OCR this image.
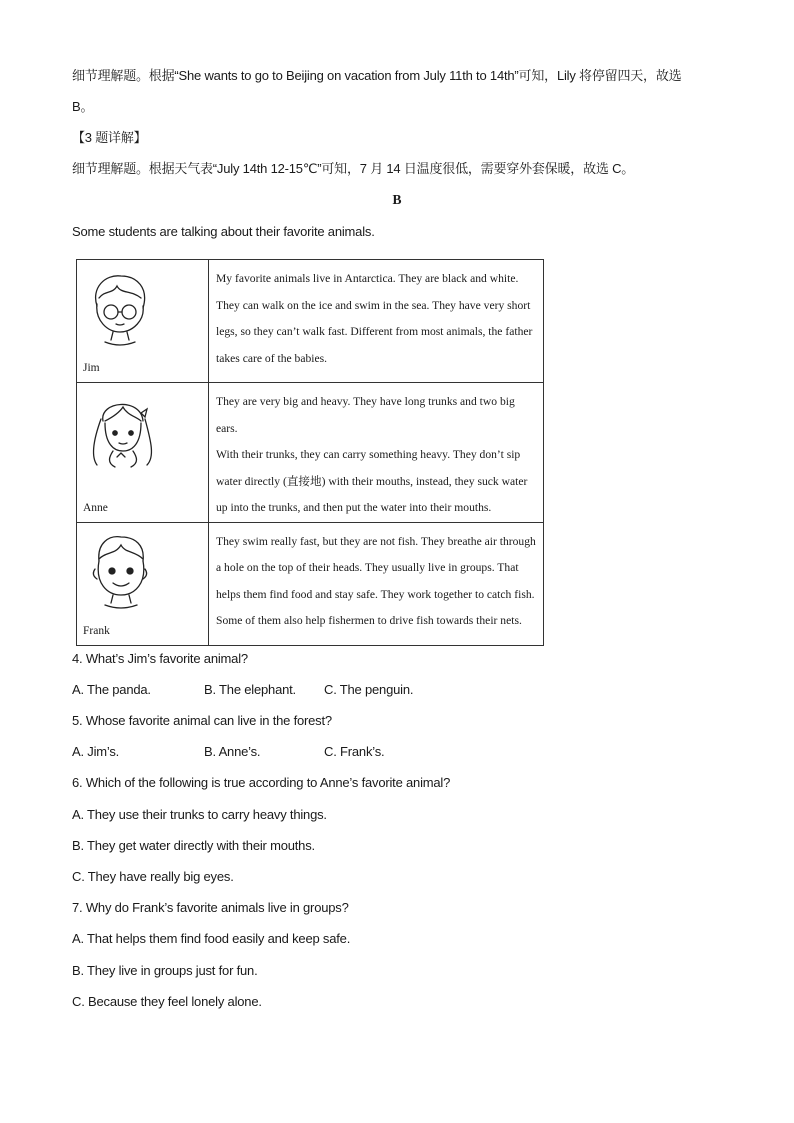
细节理解题。根据“She wants to go to Beijing on vacation from July 11th to 14th”可知，Lily 将停留四天，故选
B。
【3 题详解】
细节理解题。根据天气表“July 14th 12-15℃”可知，7 月 14 日温度很低，需要穿外套保暖，故选 C。
B
Some students are talking about their favorite animals.
Jim	My favorite animals live in Antarctica. They are black and white.
They can walk on the ice and swim in the sea. They have very short
legs, so they can’t walk fast. Different from most animals, the father
takes care of the babies.

Anne	They are very big and heavy. They have long trunks and two big ears.
With their trunks, they can carry something heavy. They don’t sip
water directly (直接地) with their mouths, instead, they suck water
up into the trunks, and then put the water into their mouths.

Frank	They swim really fast, but they are not fish. They breathe air through
a hole on the top of their heads. They usually live in groups. That
helps them find food and stay safe. They work together to catch fish.
Some of them also help fishermen to drive fish towards their nets.
4. What’s Jim’s favorite animal?
A. The panda.	B. The elephant. C. The penguin.
5. Whose favorite animal can live in the forest?
A. Jim’s.	B. Anne’s.	C. Frank’s.
6. Which of the following is true according to Anne’s favorite animal?
A. They use their trunks to carry heavy things.
B. They get water directly with their mouths.
C. They have really big eyes.
7. Why do Frank’s favorite animals live in groups?
A. That helps them find food easily and keep safe.
B. They live in groups just for fun.
C. Because they feel lonely alone.
